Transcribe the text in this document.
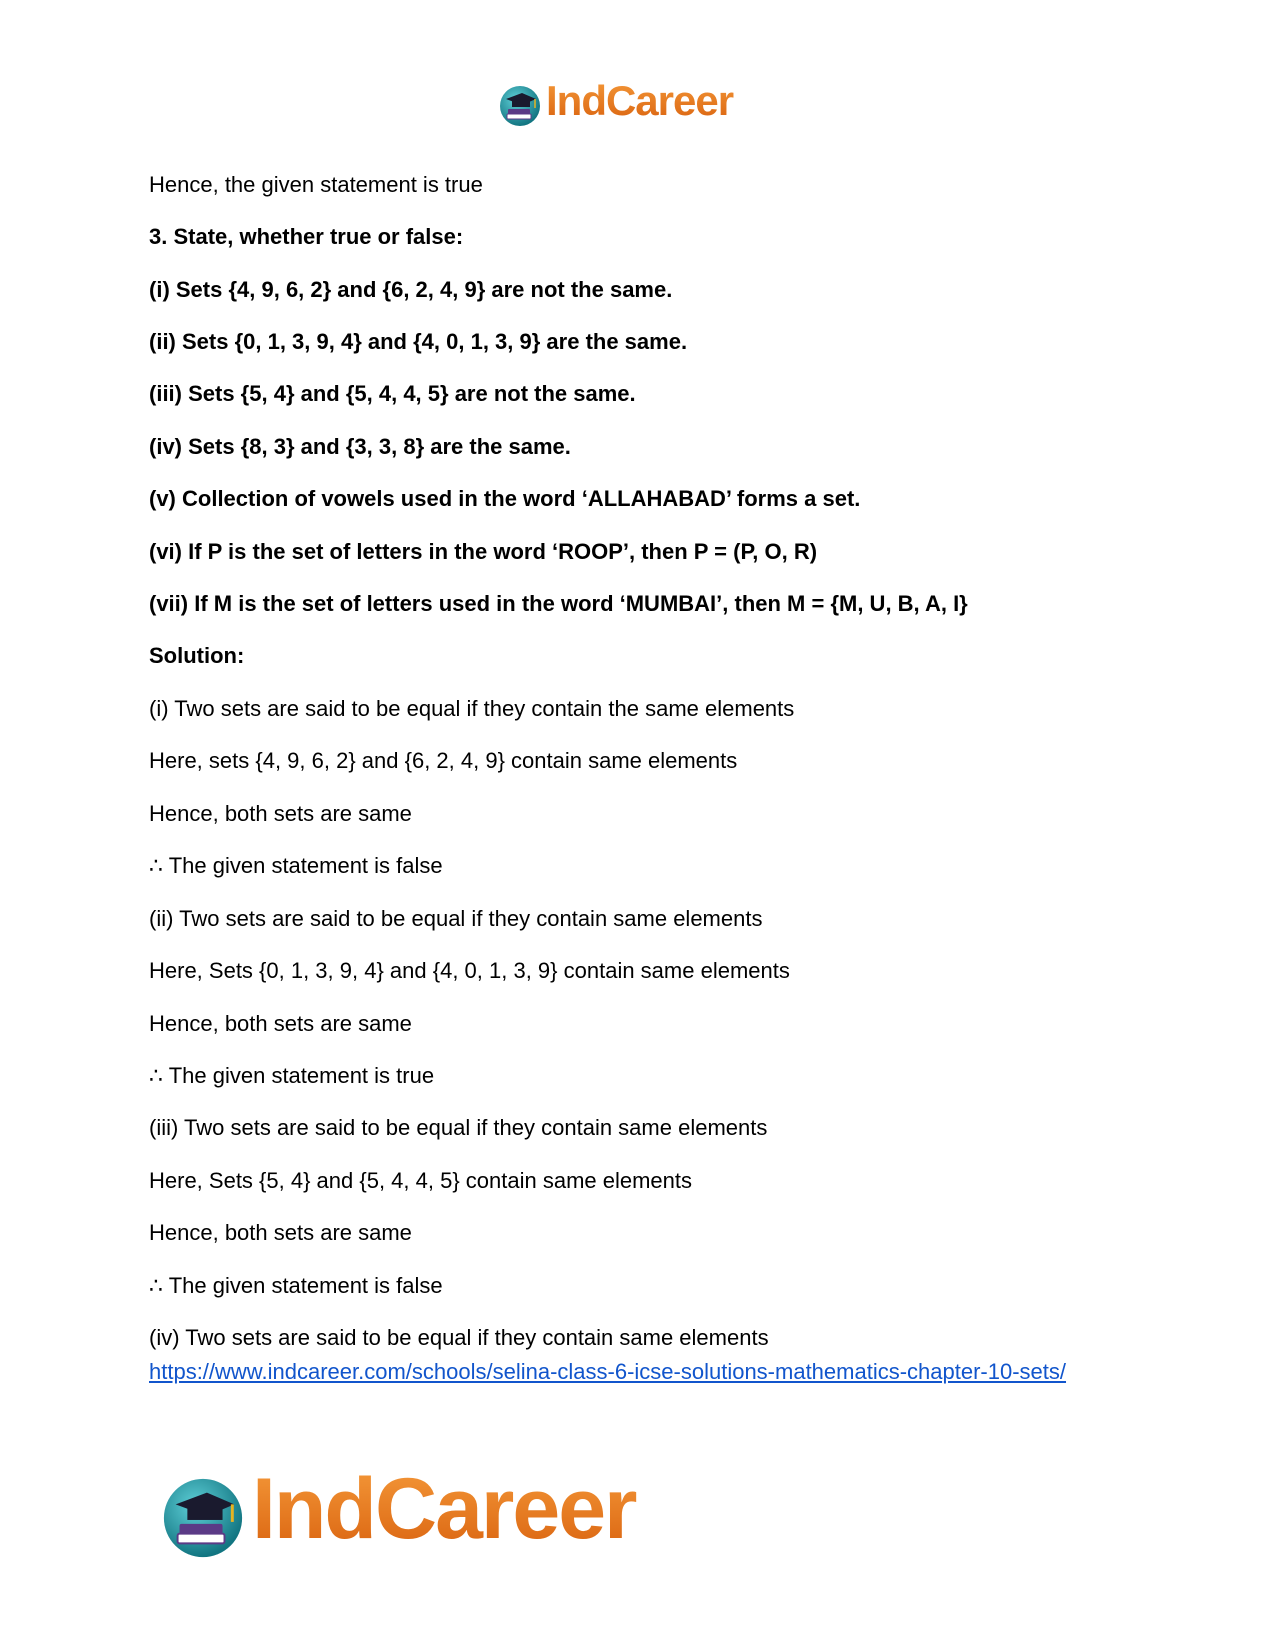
IndCareer
Hence, the given statement is true
3. State, whether true or false:
(i) Sets {4, 9, 6, 2} and {6, 2, 4, 9} are not the same.
(ii) Sets {0, 1, 3, 9, 4} and {4, 0, 1, 3, 9} are the same.
(iii) Sets {5, 4} and {5, 4, 4, 5} are not the same.
(iv) Sets {8, 3} and {3, 3, 8} are the same.
(v) Collection of vowels used in the word ‘ALLAHABAD’ forms a set.
(vi) If P is the set of letters in the word ‘ROOP’, then P = (P, O, R)
(vii) If M is the set of letters used in the word ‘MUMBAI’, then M = {M, U, B, A, I}
Solution:
(i) Two sets are said to be equal if they contain the same elements
Here, sets {4, 9, 6, 2} and {6, 2, 4, 9} contain same elements
Hence, both sets are same
∴ The given statement is false
(ii) Two sets are said to be equal if they contain same elements
Here, Sets {0, 1, 3, 9, 4} and {4, 0, 1, 3, 9} contain same elements
Hence, both sets are same
∴ The given statement is true
(iii) Two sets are said to be equal if they contain same elements
Here, Sets {5, 4} and {5, 4, 4, 5} contain same elements
Hence, both sets are same
∴ The given statement is false
(iv) Two sets are said to be equal if they contain same elements
https://www.indcareer.com/schools/selina-class-6-icse-solutions-mathematics-chapter-10-sets/
IndCareer
